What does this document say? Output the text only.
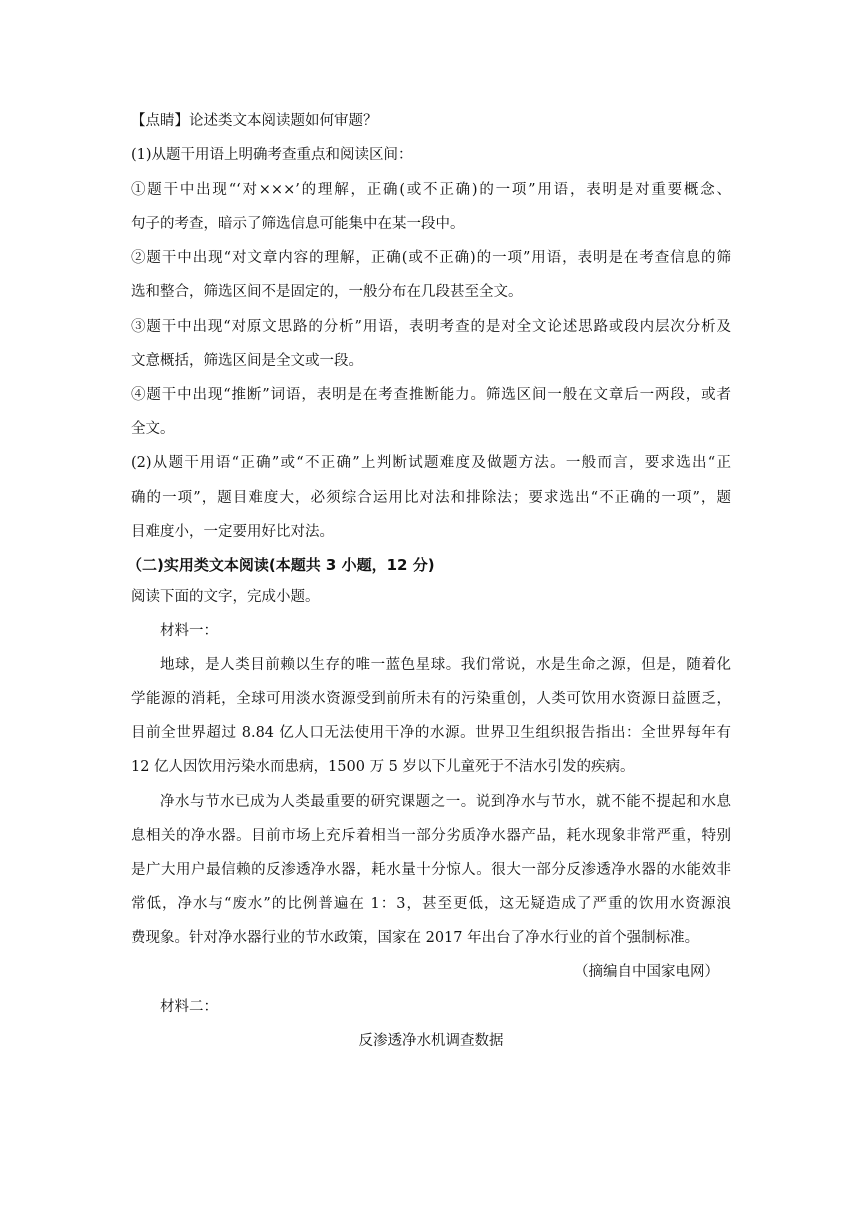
【点睛】论述类文本阅读题如何审题？
(1)从题干用语上明确考查重点和阅读区间：
①题干中出现“‘对×××’的理解，正确(或不正确)的一项”用语，表明是对重要概念、
句子的考查，暗示了筛选信息可能集中在某一段中。
②题干中出现“对文章内容的理解，正确(或不正确)的一项”用语，表明是在考查信息的筛
选和整合，筛选区间不是固定的，一般分布在几段甚至全文。
③题干中出现“对原文思路的分析”用语，表明考查的是对全文论述思路或段内层次分析及
文意概括，筛选区间是全文或一段。
④题干中出现“推断”词语，表明是在考查推断能力。筛选区间一般在文章后一两段，或者
全文。
(2)从题干用语“正确”或“不正确”上判断试题难度及做题方法。一般而言，要求选出“正
确的一项”，题目难度大，必须综合运用比对法和排除法；要求选出“不正确的一项”，题
目难度小，一定要用好比对法。
（二)实用类文本阅读(本题共 3 小题，12 分)
阅读下面的文字，完成小题。
材料一：
地球，是人类目前赖以生存的唯一蓝色星球。我们常说，水是生命之源，但是，随着化
学能源的消耗，全球可用淡水资源受到前所未有的污染重创，人类可饮用水资源日益匮乏，
目前全世界超过 8.84 亿人口无法使用干净的水源。世界卫生组织报告指出：全世界每年有
12 亿人因饮用污染水而患病，1500 万 5 岁以下儿童死于不洁水引发的疾病。
净水与节水已成为人类最重要的研究课题之一。说到净水与节水，就不能不提起和水息
息相关的净水器。目前市场上充斥着相当一部分劣质净水器产品，耗水现象非常严重，特别
是广大用户最信赖的反渗透净水器，耗水量十分惊人。很大一部分反渗透净水器的水能效非
常低，净水与“废水”的比例普遍在 1：3，甚至更低，这无疑造成了严重的饮用水资源浪
费现象。针对净水器行业的节水政策，国家在 2017 年出台了净水行业的首个强制标准。
（摘编自中国家电网）
材料二：
反渗透净水机调查数据
